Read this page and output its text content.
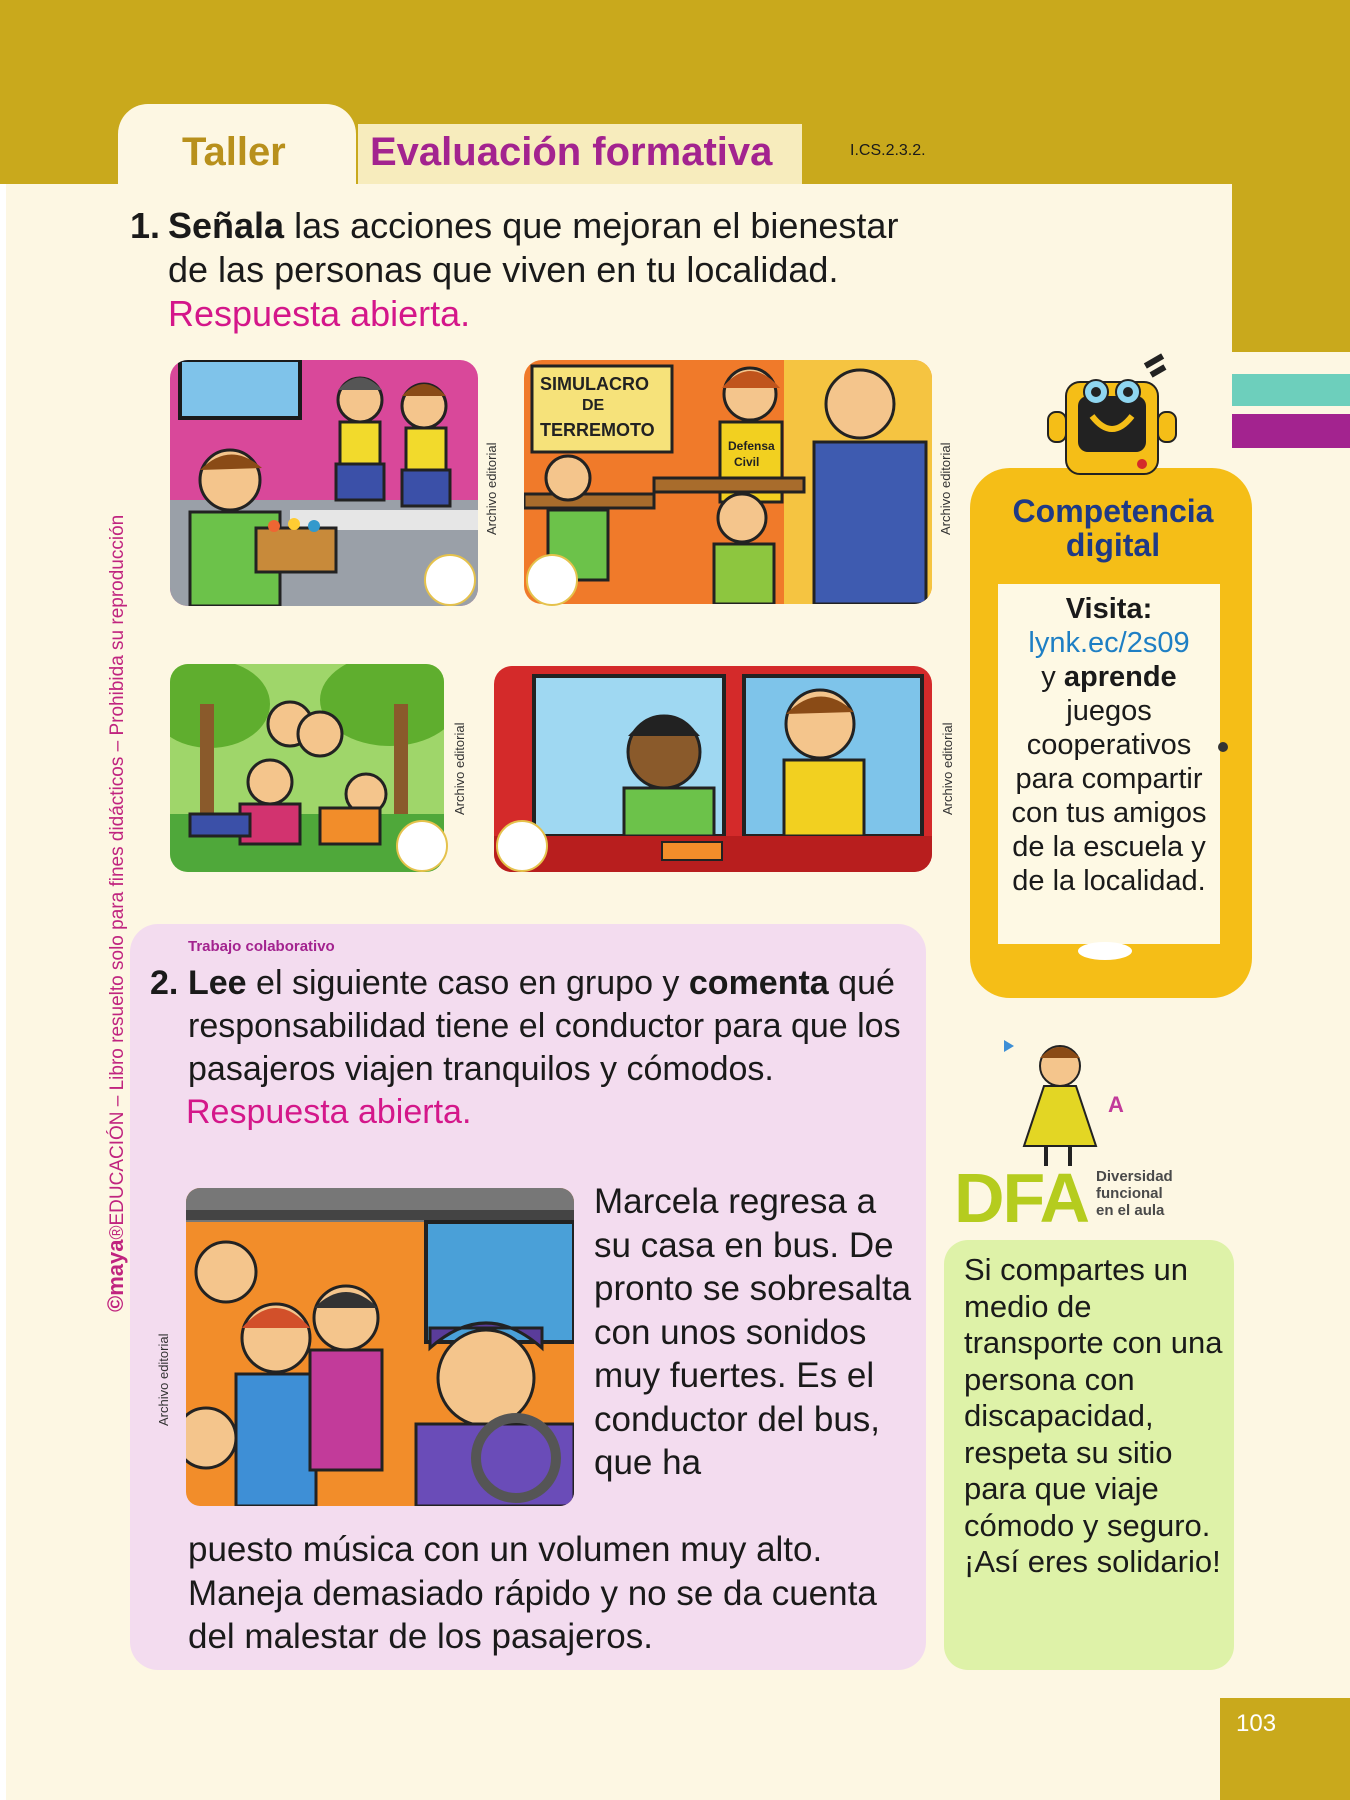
Taller Evaluación formativa	I.CS.2.3.2.
©maya®EDUCACIÓN – Libro resuelto solo para fines didácticos – Prohibida su reproducción
1. Señala las acciones que mejoran el bienestar de las personas que viven en tu localidad. Respuesta abierta.
Archivo editorial
SIMULACRO
DE
TERREMOTO
Defensa
Civil	Archivo editorial
Archivo editorial	Archivo editorial
Trabajo colaborativo
2. Lee el siguiente caso en grupo y comenta qué responsabilidad tiene el conductor para que los pasajeros viajen tranquilos y cómodos.
Respuesta abierta.
Archivo editorial
Marcela regresa a su casa en bus. De pronto se sobresalta con unos sonidos muy fuertes. Es el conductor del bus, que ha
puesto música con un volumen muy alto. Maneja demasiado rápido y no se da cuenta del malestar de los pasajeros.
Competencia digital
Visita:
lynk.ec/2s09
y aprende juegos cooperativos para compartir con tus amigos de la escuela y de la localidad.
A
DFA Diversidad
funcional
en el aula
Si compartes un medio de transporte con una persona con discapacidad, respeta su sitio para que viaje cómodo y seguro. ¡Así eres solidario!
103
